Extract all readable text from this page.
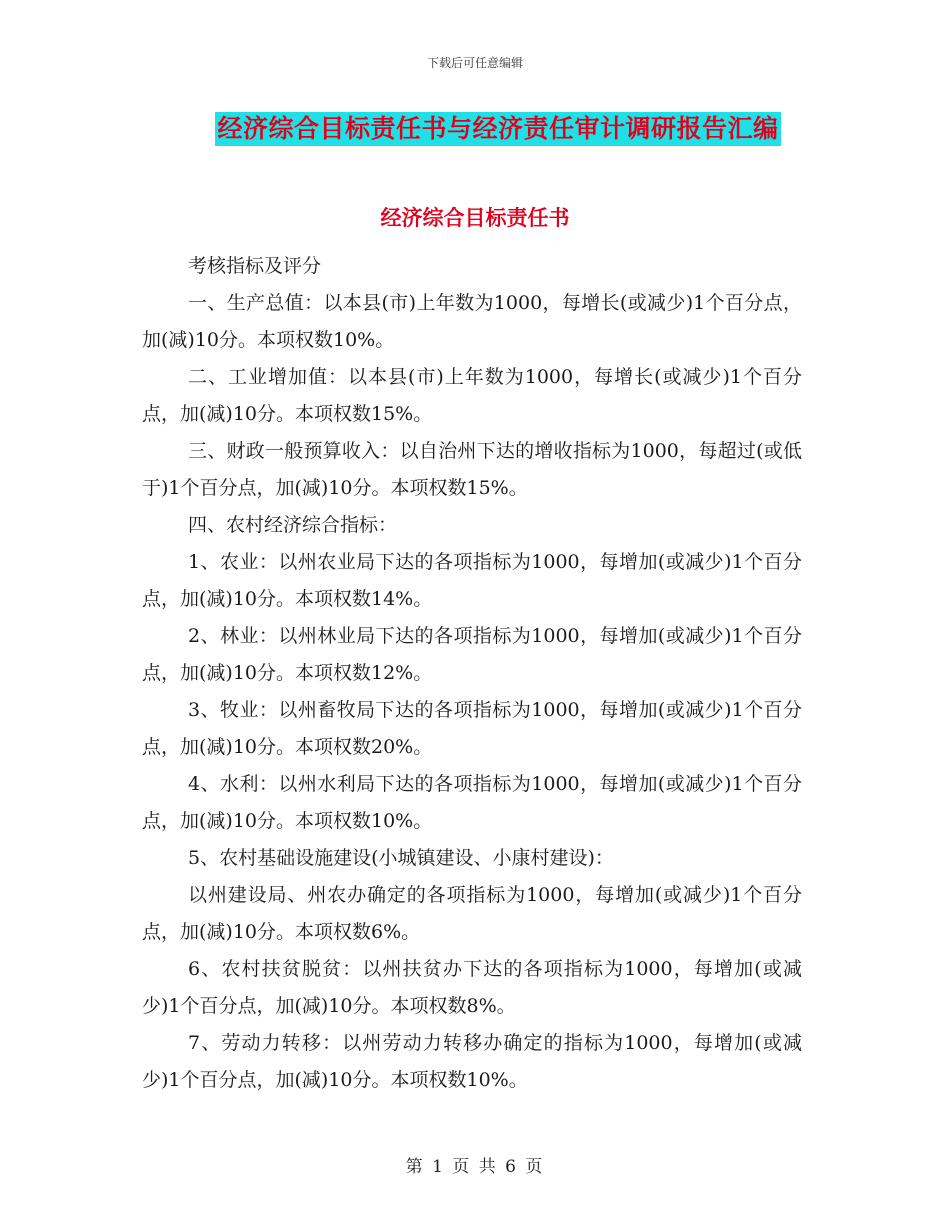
下载后可任意编辑
经济综合目标责任书与经济责任审计调研报告汇编
经济综合目标责任书

考核指标及评分

一、生产总值：以本县(市)上年数为1000，每增长(或减少)1个百分点，加(减)10分。本项权数10%。

二、工业增加值：以本县(市)上年数为1000，每增长(或减少)1个百分点，加(减)10分。本项权数15%。

三、财政一般预算收入：以自治州下达的增收指标为1000，每超过(或低于)1个百分点，加(减)10分。本项权数15%。

四、农村经济综合指标：

1、农业：以州农业局下达的各项指标为1000，每增加(或减少)1个百分点，加(减)10分。本项权数14%。

2、林业：以州林业局下达的各项指标为1000，每增加(或减少)1个百分点，加(减)10分。本项权数12%。

3、牧业：以州畜牧局下达的各项指标为1000，每增加(或减少)1个百分点，加(减)10分。本项权数20%。

4、水利：以州水利局下达的各项指标为1000，每增加(或减少)1个百分点，加(减)10分。本项权数10%。

5、农村基础设施建设(小城镇建设、小康村建设)：

以州建设局、州农办确定的各项指标为1000，每增加(或减少)1个百分点，加(减)10分。本项权数6%。

6、农村扶贫脱贫：以州扶贫办下达的各项指标为1000，每增加(或减少)1个百分点，加(减)10分。本项权数8%。

7、劳动力转移：以州劳动力转移办确定的指标为1000，每增加(或减少)1个百分点，加(减)10分。本项权数10%。

第 1 页 共 6 页
